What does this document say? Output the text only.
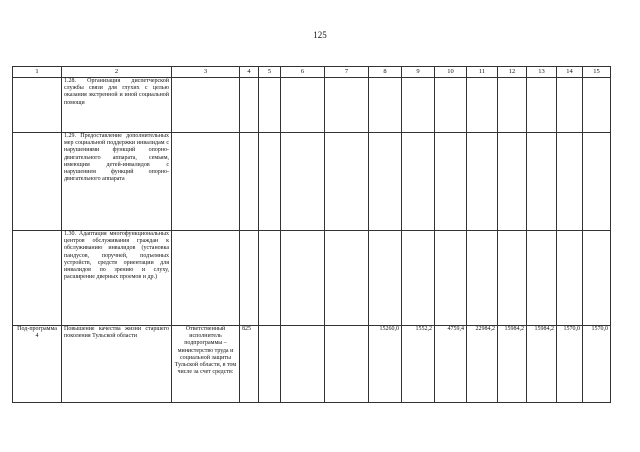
125
1	2	3	4	5	6	7	8	9	10	11	12	13	14	15
	1.28. Организация диспетчерской службы связи для глухих с целью оказания экстренной и иной социальной помощи													
	1.29. Предоставление дополнительных мер социальной поддержки инвалидам с нарушениями функций опорно-двигательного аппарата, семьям, имеющим детей-инвалидов с нарушением функций опорно-двигательного аппарата													
	1.30. Адаптация многофункциональных центров обслуживания граждан к обслуживанию инвалидов (установка пандусов, поручней, подъемных устройств, средств ориентации для инвалидов по зрению и слуху, расширение дверных проемов и др.)													
Под-программа 4	Повышение качества жизни старшего поколения Тульской области	Ответственный исполнитель подпрограммы – министерство труда и социальной защиты Тульской области, в том числе за счет средств:	825				15260,0	1552,2	4759,4	22984,2	15984,2	15984,2	1570,0	1570,0
